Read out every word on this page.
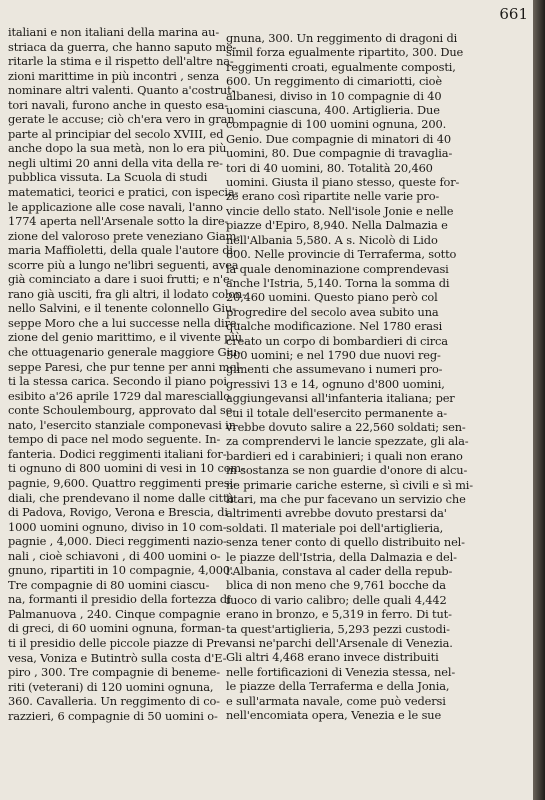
661
italiani e non italiani della marina au-
striaca da guerra, che hanno saputo me-
ritarle la stima e il rispetto dell'altre na-
zioni marittime in più incontri , senza
nominare altri valenti. Quanto a'costrut-
tori navali, furono anche in questo esa-
gerate le accuse; ciò ch'era vero in gran
parte al principiar del secolo XVIII, ed
anche dopo la sua metà, non lo era più
negli ultimi 20 anni della vita della re-
pubblica vissuta. La Scuola di studi
matematici, teorici e pratici, con ispecia-
le applicazione alle cose navali, l'anno
1774 aperta nell'Arsenale sotto la dire-
zione del valoroso prete veneziano Giam-
maria Maffioletti, della quale l'autore di-
scorre più a lungo ne'libri seguenti, avea
già cominciato a dare i suoi frutti; e n'e-
rano già usciti, fra gli altri, il lodato colon-
nello Salvini, e il tenente colonnello Giu-
seppe Moro che a lui successe nella dire-
zione del genio marittimo, e il vivente più
che ottuagenario generale maggiore Giu-
seppe Paresi, che pur tenne per anni mol-
ti la stessa carica. Secondo il piano poi
esibito a'26 aprile 1729 dal maresciallo
conte Schoulembourg, approvato dal se-
nato, l'esercito stanziale componevasi in
tempo di pace nel modo seguente. In-
fanteria. Dodici reggimenti italiani for-
ti ognuno di 800 uomini di vesi in 10 com-
pagnie, 9,600. Quattro reggimenti presi-
diali, che prendevano il nome dalle città
di Padova, Rovigo, Verona e Brescia, di
1000 uomini ognuno, diviso in 10 com-
pagnie , 4,000. Dieci reggimenti nazio-
nali , cioè schiavoni , di 400 uomini o-
gnuno, ripartiti in 10 compagnie, 4,000.
Tre compagnie di 80 uomini ciascu-
na, formanti il presidio della fortezza di
Palmanuova , 240. Cinque compagnie
di greci, di 60 uomini ognuna, forman-
ti il presidio delle piccole piazze di Pre-
vesa, Voniza e Butintrò sulla costa d'E-
piro , 300. Tre compagnie di beneme-
riti (veterani) di 120 uomini ognuna,
360. Cavalleria. Un reggimento di co-
razzieri, 6 compagnie di 50 uomini o-
gnuna, 300. Un reggimento di dragoni di
simil forza egualmente ripartito, 300. Due
reggimenti croati, egualmente composti,
600. Un reggimento di cimariotti, cioè
albanesi, diviso in 10 compagnie di 40
uomini ciascuna, 400. Artiglieria. Due
compagnie di 100 uomini ognuna, 200.
Genio. Due compagnie di minatori di 40
uomini, 80. Due compagnie di travaglia-
tori di 40 uomini, 80. Totalità 20,460
uomini. Giusta il piano stesso, queste for-
ze erano così ripartite nelle varie pro-
vincie dello stato. Nell'isole Jonie e nelle
piazze d'Epiro, 8,940. Nella Dalmazia e
nell'Albania 5,580. A s. Nicolò di Lido
800. Nelle provincie di Terraferma, sotto
la quale denominazione comprendevasi
anche l'Istria, 5,140. Torna la somma di
20,460 uomini. Questo piano però col
progredire del secolo avea subito una
qualche modificazione. Nel 1780 erasi
creato un corpo di bombardieri di circa
500 uomini; e nel 1790 due nuovi reg-
gimenti che assumevano i numeri pro-
gressivi 13 e 14, ognuno d'800 uomini,
aggiungevansi all'infanteria italiana; per
cui il totale dell'esercito permanente a-
vrebbe dovuto salire a 22,560 soldati; sen-
za comprendervi le lancie spezzate, gli ala-
bardieri ed i carabinieri; i quali non erano
in sostanza se non guardie d'onore di alcu-
ne primarie cariche esterne, sì civili e sì mi-
litari, ma che pur facevano un servizio che
altrimenti avrebbe dovuto prestarsi da'
soldati. Il materiale poi dell'artiglieria,
senza tener conto di quello distribuito nel-
le piazze dell'Istria, della Dalmazia e del-
l'Albania, constava al cader della repub-
blica di non meno che 9,761 bocche da
fuoco di vario calibro; delle quali 4,442
erano in bronzo, e 5,319 in ferro. Di tut-
ta quest'artiglieria, 5,293 pezzi custodi-
vansi ne'parchi dell'Arsenale di Venezia.
Gli altri 4,468 erano invece distribuiti
nelle fortificazioni di Venezia stessa, nel-
le piazze della Terraferma e della Jonia,
e sull'armata navale, come può vedersi
nell'encomiata opera, Venezia e le sue
